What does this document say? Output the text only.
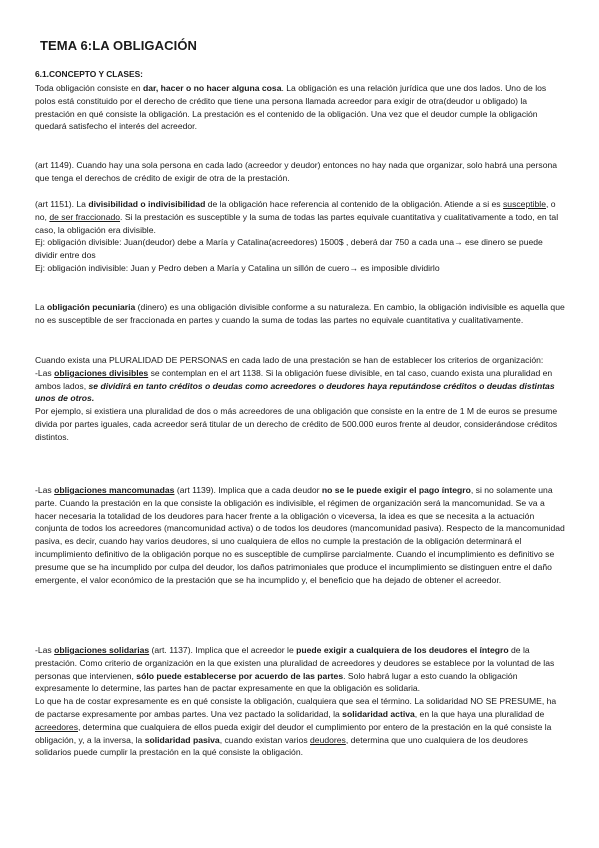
TEMA 6:LA OBLIGACIÓN
6.1.CONCEPTO Y CLASES:

Toda obligación consiste en dar, hacer o no hacer alguna cosa. La obligación es una relación jurídica que une dos lados. Uno de los polos está constituido por el derecho de crédito que tiene una persona llamada acreedor para exigir de otra(deudor u obligado) la prestación en qué consiste la obligación. La prestación es el contenido de la obligación. Una vez que el deudor cumple la obligación quedará satisfecho el interés del acreedor.

(art 1149). Cuando hay una sola persona en cada lado (acreedor y deudor) entonces no hay nada que organizar, solo habrá una persona que tenga el derechos de crédito de exigir de otra de la prestación.

(art 1151). La divisibilidad o indivisibilidad de la obligación hace referencia al contenido de la obligación. Atiende a si es susceptible, o no, de ser fraccionado. Si la prestación es susceptible y la suma de todas las partes equivale cuantitativa y cualitativamente a todo, en tal caso, la obligación era divisible.
Ej: obligación divisible: Juan(deudor) debe a María y Catalina(acreedores) 1500$ , deberá dar 750 a cada una→ ese dinero se puede dividir entre dos
Ej: obligación indivisible: Juan y Pedro deben a María y Catalina un sillón de cuero→ es imposible dividirlo

La obligación pecuniaria (dinero) es una obligación divisible conforme a su naturaleza. En cambio, la obligación indivisible es aquella que no es susceptible de ser fraccionada en partes y cuando la suma de todas las partes no equivale cuantitativa y cualitativamente.

Cuando exista una PLURALIDAD DE PERSONAS en cada lado de una prestación se han de establecer los criterios de organización:
-Las obligaciones divisibles se contemplan en el art 1138. Si la obligación fuese divisible, en tal caso, cuando exista una pluralidad en ambos lados, se dividirá en tanto créditos o deudas como acreedores o deudores haya reputándose créditos o deudas distintas unos de otros.
Por ejemplo, si existiera una pluralidad de dos o más acreedores de una obligación que consiste en la entre de 1 M de euros se presume divida por partes iguales, cada acreedor será titular de un derecho de crédito de 500.000 euros frente al deudor, considerándose créditos distintos.

-Las obligaciones mancomunadas (art 1139). Implica que a cada deudor no se le puede exigir el pago íntegro, si no solamente una parte. Cuando la prestación en la que consiste la obligación es indivisible, el régimen de organización será la mancomunidad. Se va a hacer necesaria la totalidad de los deudores para hacer frente a la obligación o viceversa, la idea es que se necesita a la actuación conjunta de todos los acreedores (mancomunidad activa) o de todos los deudores (mancomunidad pasiva). Respecto de la mancomunidad pasiva, es decir, cuando hay varios deudores, si uno cualquiera de ellos no cumple la prestación de la obligación determinará el incumplimiento definitivo de la obligación porque no es susceptible de cumplirse parcialmente. Cuando el incumplimiento es definitivo se presume que se ha incumplido por culpa del deudor, los daños patrimoniales que produce el incumplimiento se distinguen entre el daño emergente, el valor económico de la prestación que se ha incumplido y, el beneficio que ha dejado de obtener el acreedor.

-Las obligaciones solidarias (art. 1137). Implica que el acreedor le puede exigir a cualquiera de los deudores el íntegro de la prestación. Como criterio de organización en la que existen una pluralidad de acreedores y deudores se establece por la voluntad de las personas que intervienen, sólo puede establecerse por acuerdo de las partes. Solo habrá lugar a esto cuando la obligación expresamente lo determine, las partes han de pactar expresamente en que la obligación es solidaria.
Lo que ha de costar expresamente es en qué consiste la obligación, cualquiera que sea el término. La solidaridad NO SE PRESUME, ha de pactarse expresamente por ambas partes. Una vez pactado la solidaridad, la solidaridad activa, en la que haya una pluralidad de acreedores, determina que cualquiera de ellos pueda exigir del deudor el cumplimiento por entero de la prestación en la qué consiste la obligación, y, a la inversa, la solidaridad pasiva, cuando existan varios deudores, determina que uno cualquiera de los deudores solidarios puede cumplir la prestación en la qué consiste la obligación.
